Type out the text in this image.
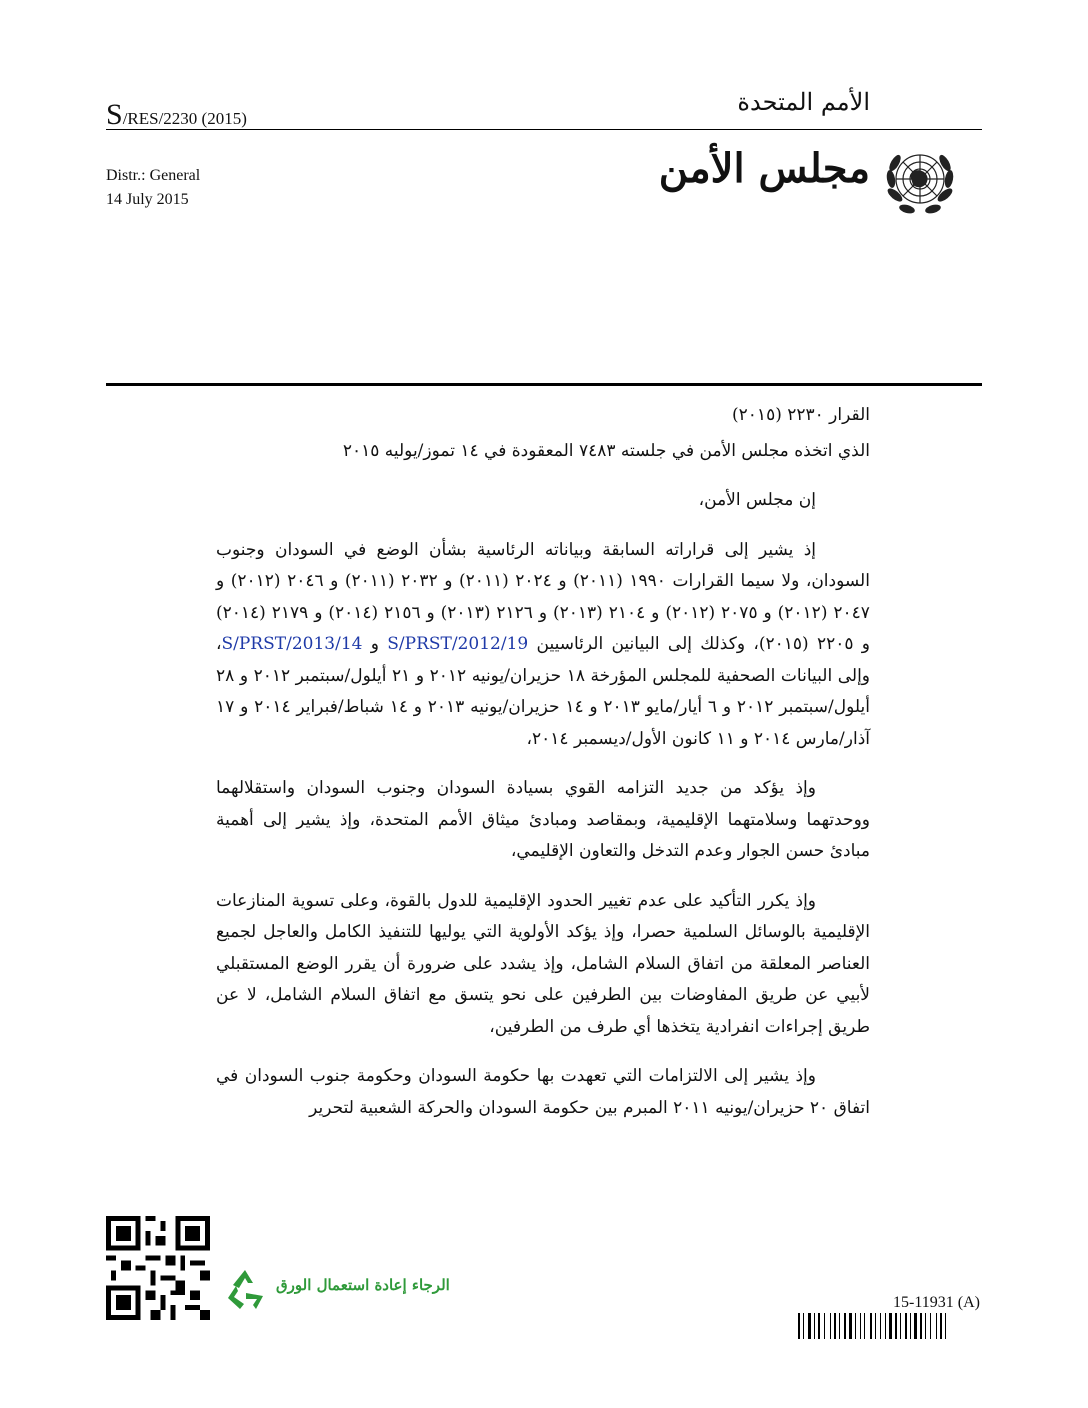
S/RES/2230 (2015)
الأمم المتحدة
Distr.: General
14 July 2015
مجلس الأمن

القرار ٢٢٣٠ (٢٠١٥)

الذي اتخذه مجلس الأمن في جلسته ٧٤٨٣ المعقودة في ١٤ تموز/يوليه ٢٠١٥

إن مجلس الأمن،

إذ يشير إلى قراراته السابقة وبياناته الرئاسية بشأن الوضع في السودان وجنوب السودان، ولا سيما القرارات ١٩٩٠ (٢٠١١) و ٢٠٢٤ (٢٠١١) و ٢٠٣٢ (٢٠١١) و ٢٠٤٦ (٢٠١٢) و ٢٠٤٧ (٢٠١٢) و ٢٠٧٥ (٢٠١٢) و ٢١٠٤ (٢٠١٣) و ٢١٢٦ (٢٠١٣) و ٢١٥٦ (٢٠١٤) و ٢١٧٩ (٢٠١٤) و ٢٢٠٥ (٢٠١٥)، وكذلك إلى البيانين الرئاسيين S/PRST/2012/19 و S/PRST/2013/14، وإلى البيانات الصحفية للمجلس المؤرخة ١٨ حزيران/يونيه ٢٠١٢ و ٢١ أيلول/سبتمبر ٢٠١٢ و ٢٨ أيلول/سبتمبر ٢٠١٢ و ٦ أيار/مايو ٢٠١٣ و ١٤ حزيران/يونيه ٢٠١٣ و ١٤ شباط/فبراير ٢٠١٤ و ١٧ آذار/مارس ٢٠١٤ و ١١ كانون الأول/ديسمبر ٢٠١٤،

وإذ يؤكد من جديد التزامه القوي بسيادة السودان وجنوب السودان واستقلالهما ووحدتهما وسلامتهما الإقليمية، وبمقاصد ومبادئ ميثاق الأمم المتحدة، وإذ يشير إلى أهمية مبادئ حسن الجوار وعدم التدخل والتعاون الإقليمي،

وإذ يكرر التأكيد على عدم تغيير الحدود الإقليمية للدول بالقوة، وعلى تسوية المنازعات الإقليمية بالوسائل السلمية حصرا، وإذ يؤكد الأولوية التي يوليها للتنفيذ الكامل والعاجل لجميع العناصر المعلقة من اتفاق السلام الشامل، وإذ يشدد على ضرورة أن يقرر الوضع المستقبلي لأبيي عن طريق المفاوضات بين الطرفين على نحو يتسق مع اتفاق السلام الشامل، لا عن طريق إجراءات انفرادية يتخذها أي طرف من الطرفين،

وإذ يشير إلى الالتزامات التي تعهدت بها حكومة السودان وحكومة جنوب السودان في اتفاق ٢٠ حزيران/يونيه ٢٠١١ المبرم بين حكومة السودان والحركة الشعبية لتحرير

الرجاء إعادة استعمال الورق
15-11931 (A)
